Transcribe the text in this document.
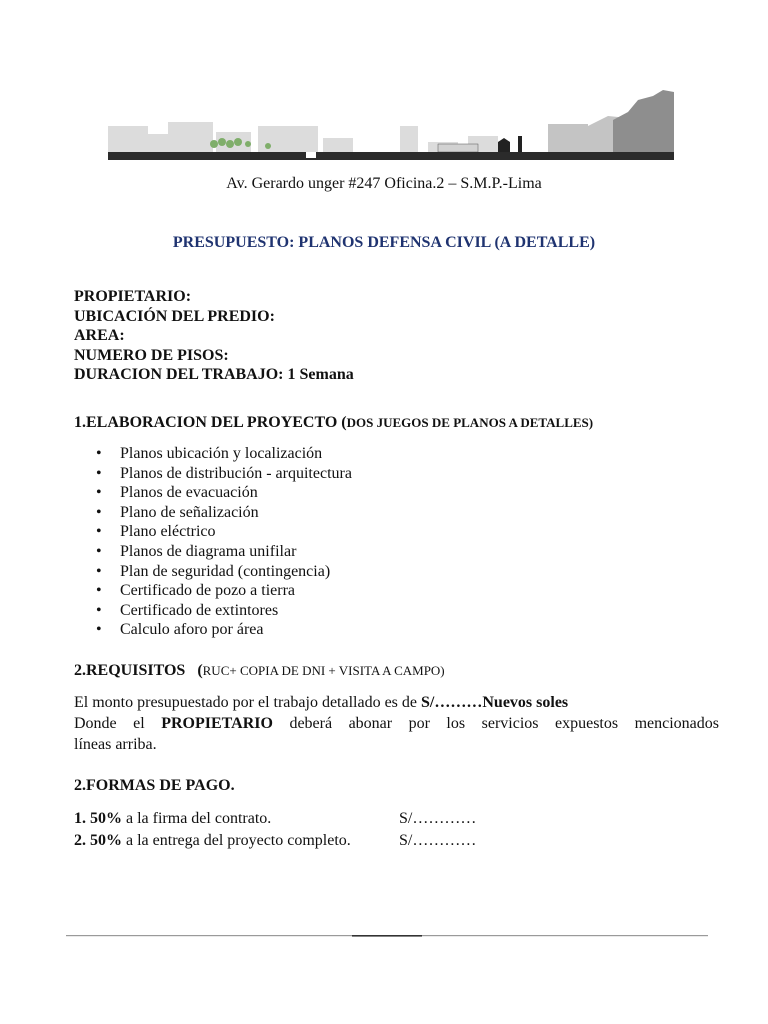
Av. Gerardo unger #247 Oficina.2 – S.M.P.-Lima
PRESUPUESTO: PLANOS DEFENSA CIVIL (A DETALLE)
PROPIETARIO:
UBICACIÓN DEL PREDIO:
AREA:
NUMERO DE PISOS:
DURACION DEL TRABAJO: 1 Semana
1.ELABORACION DEL PROYECTO (DOS JUEGOS DE PLANOS A DETALLES)
• Planos ubicación y localización
• Planos de distribución - arquitectura
• Planos de evacuación
• Plano de señalización
• Plano eléctrico
• Planos de diagrama unifilar
• Plan de seguridad (contingencia)
• Certificado de pozo a tierra
• Certificado de extintores
• Calculo aforo por área
2.REQUISITOS (RUC+ COPIA DE DNI + VISITA A CAMPO)
El monto presupuestado por el trabajo detallado es de S/………Nuevos soles
Donde el PROPIETARIO deberá abonar por los servicios expuestos mencionados
líneas arriba.
2.FORMAS DE PAGO.
1. 50% a la firma del contrato.	S/…………
2. 50% a la entrega del proyecto completo.	S/…………
